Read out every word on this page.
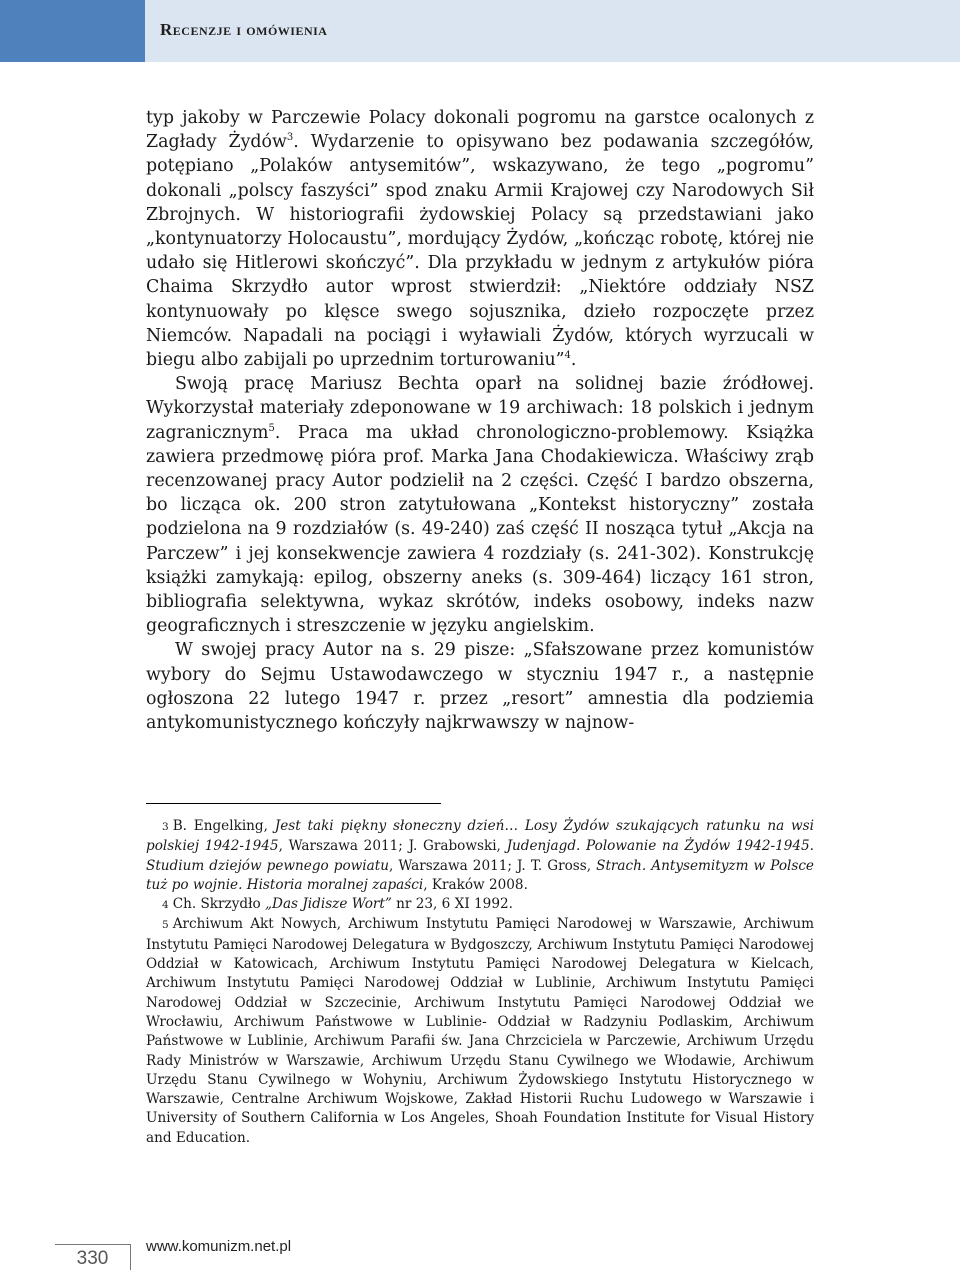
Recenzje i omówienia

typ jakoby w Parczewie Polacy dokonali pogromu na garstce ocalonych z Zagłady Żydów$^3$. Wydarzenie to opisywano bez podawania szczegółów, potępiano „Polaków antysemitów”, wskazywano, że tego „pogromu” dokonali „polscy faszyści” spod znaku Armii Krajowej czy Narodowych Sił Zbrojnych. W historiografii żydowskiej Polacy są przedstawiani jako „kontynuatorzy Holocaustu”, mordujący Żydów, „kończąc robotę, której nie udało się Hitlerowi skończyć”. Dla przykładu w jednym z artykułów pióra Chaima Skrzydło autor wprost stwierdził: „Niektóre oddziały NSZ kontynuowały po klęsce swego sojusznika, dzieło rozpoczęte przez Niemców. Napadali na pociągi i wyławiali Żydów, których wyrzucali w biegu albo zabijali po uprzednim torturowaniu”$^4$.

Swoją pracę Mariusz Bechta oparł na solidnej bazie źródłowej. Wykorzystał materiały zdeponowane w 19 archiwach: 18 polskich i jednym zagranicznym$^5$. Praca ma układ chronologiczno-problemowy. Książka zawiera przedmowę pióra prof. Marka Jana Chodakiewicza. Właściwy zrąb recenzowanej pracy Autor podzielił na 2 części. Część I bardzo obszerna, bo licząca ok. 200 stron zatytułowana „Kontekst historyczny” została podzielona na 9 rozdziałów (s. 49-240) zaś część II nosząca tytuł „Akcja na Parczew” i jej konsekwencje zawiera 4 rozdziały (s. 241-302). Konstrukcję książki zamykają: epilog, obszerny aneks (s. 309-464) liczący 161 stron, bibliografia selektywna, wykaz skrótów, indeks osobowy, indeks nazw geograficznych i streszczenie w języku angielskim.

W swojej pracy Autor na s. 29 pisze: „Sfałszowane przez komunistów wybory do Sejmu Ustawodawczego w styczniu 1947 r., a następnie ogłoszona 22 lutego 1947 r. przez „resort” amnestia dla podziemia antykomunistycznego kończyły najkrwawszy w najnow-

3 B. Engelking, Jest taki piękny słoneczny dzień… Losy Żydów szukających ratunku na wsi polskiej 1942-1945, Warszawa 2011; J. Grabowski, Judenjagd. Polowanie na Żydów 1942-1945. Studium dziejów pewnego powiatu, Warszawa 2011; J. T. Gross, Strach. Antysemityzm w Polsce tuż po wojnie. Historia moralnej zapaści, Kraków 2008.

4 Ch. Skrzydło „Das Jidisze Wort” nr 23, 6 XI 1992.

5 Archiwum Akt Nowych, Archiwum Instytutu Pamięci Narodowej w Warszawie, Archiwum Instytutu Pamięci Narodowej Delegatura w Bydgoszczy, Archiwum Instytutu Pamięci Narodowej Oddział w Katowicach, Archiwum Instytutu Pamięci Narodowej Delegatura w Kielcach, Archiwum Instytutu Pamięci Narodowej Oddział w Lublinie, Archiwum Instytutu Pamięci Narodowej Oddział w Szczecinie, Archiwum Instytutu Pamięci Narodowej Oddział we Wrocławiu, Archiwum Państwowe w Lublinie- Oddział w Radzyniu Podlaskim, Archiwum Państwowe w Lublinie, Archiwum Parafii św. Jana Chrzciciela w Parczewie, Archiwum Urzędu Rady Ministrów w Warszawie, Archiwum Urzędu Stanu Cywilnego we Włodawie, Archiwum Urzędu Stanu Cywilnego w Wohyniu, Archiwum Żydowskiego Instytutu Historycznego w Warszawie, Centralne Archiwum Wojskowe, Zakład Historii Ruchu Ludowego w Warszawie i University of Southern California w Los Angeles, Shoah Foundation Institute for Visual History and Education.

330
www.komunizm.net.pl
